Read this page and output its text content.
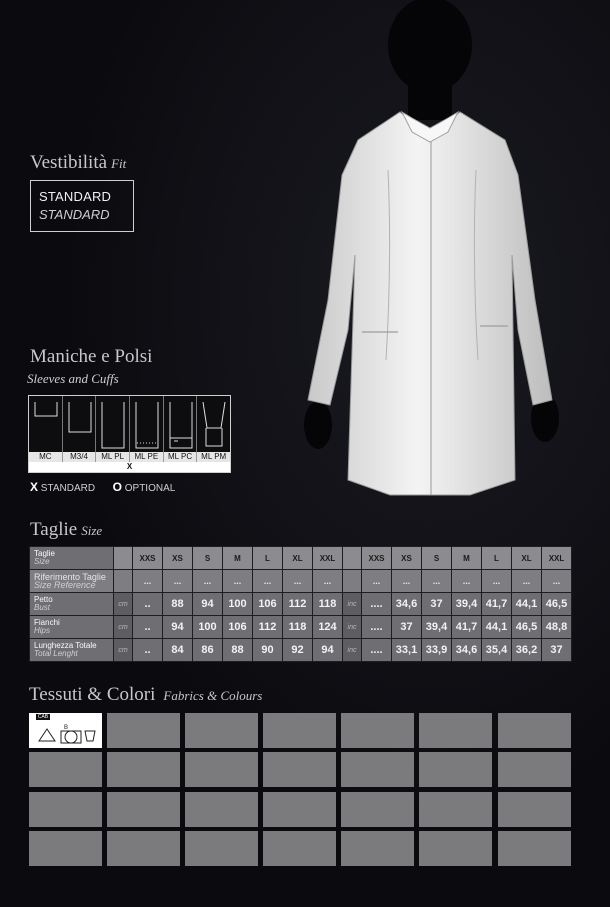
Vestibilità Fit
STANDARD
STANDARD
Maniche e Polsi
Sleeves and Cuffs
MC	M3/4	ML PL	ML PE	ML PC	ML PM
X
X STANDARD O OPTIONAL
Taglie Size
Taglie
Size		XXS	XS	S	M	L	XL	XXL		XXS	XS	S	M	L	XL	XXL
Riferimento Taglie
Size Reference		...	...	...	...	...	...	...		...	...	...	...	...	...	...
Petto
Bust	cm	..	88	94	100	106	112	118	inc	....	34,6	37	39,4	41,7	44,1	46,5
Fianchi
Hips	cm	..	94	100	106	112	118	124	inc	....	37	39,4	41,7	44,1	46,5	48,8
Lunghezza Totale
Total Lenght	cm	..	84	86	88	90	92	94	inc	....	33,1	33,9	34,6	35,4	36,2	37
Tessuti & Colori Fabrics & Colours
CAB
B
